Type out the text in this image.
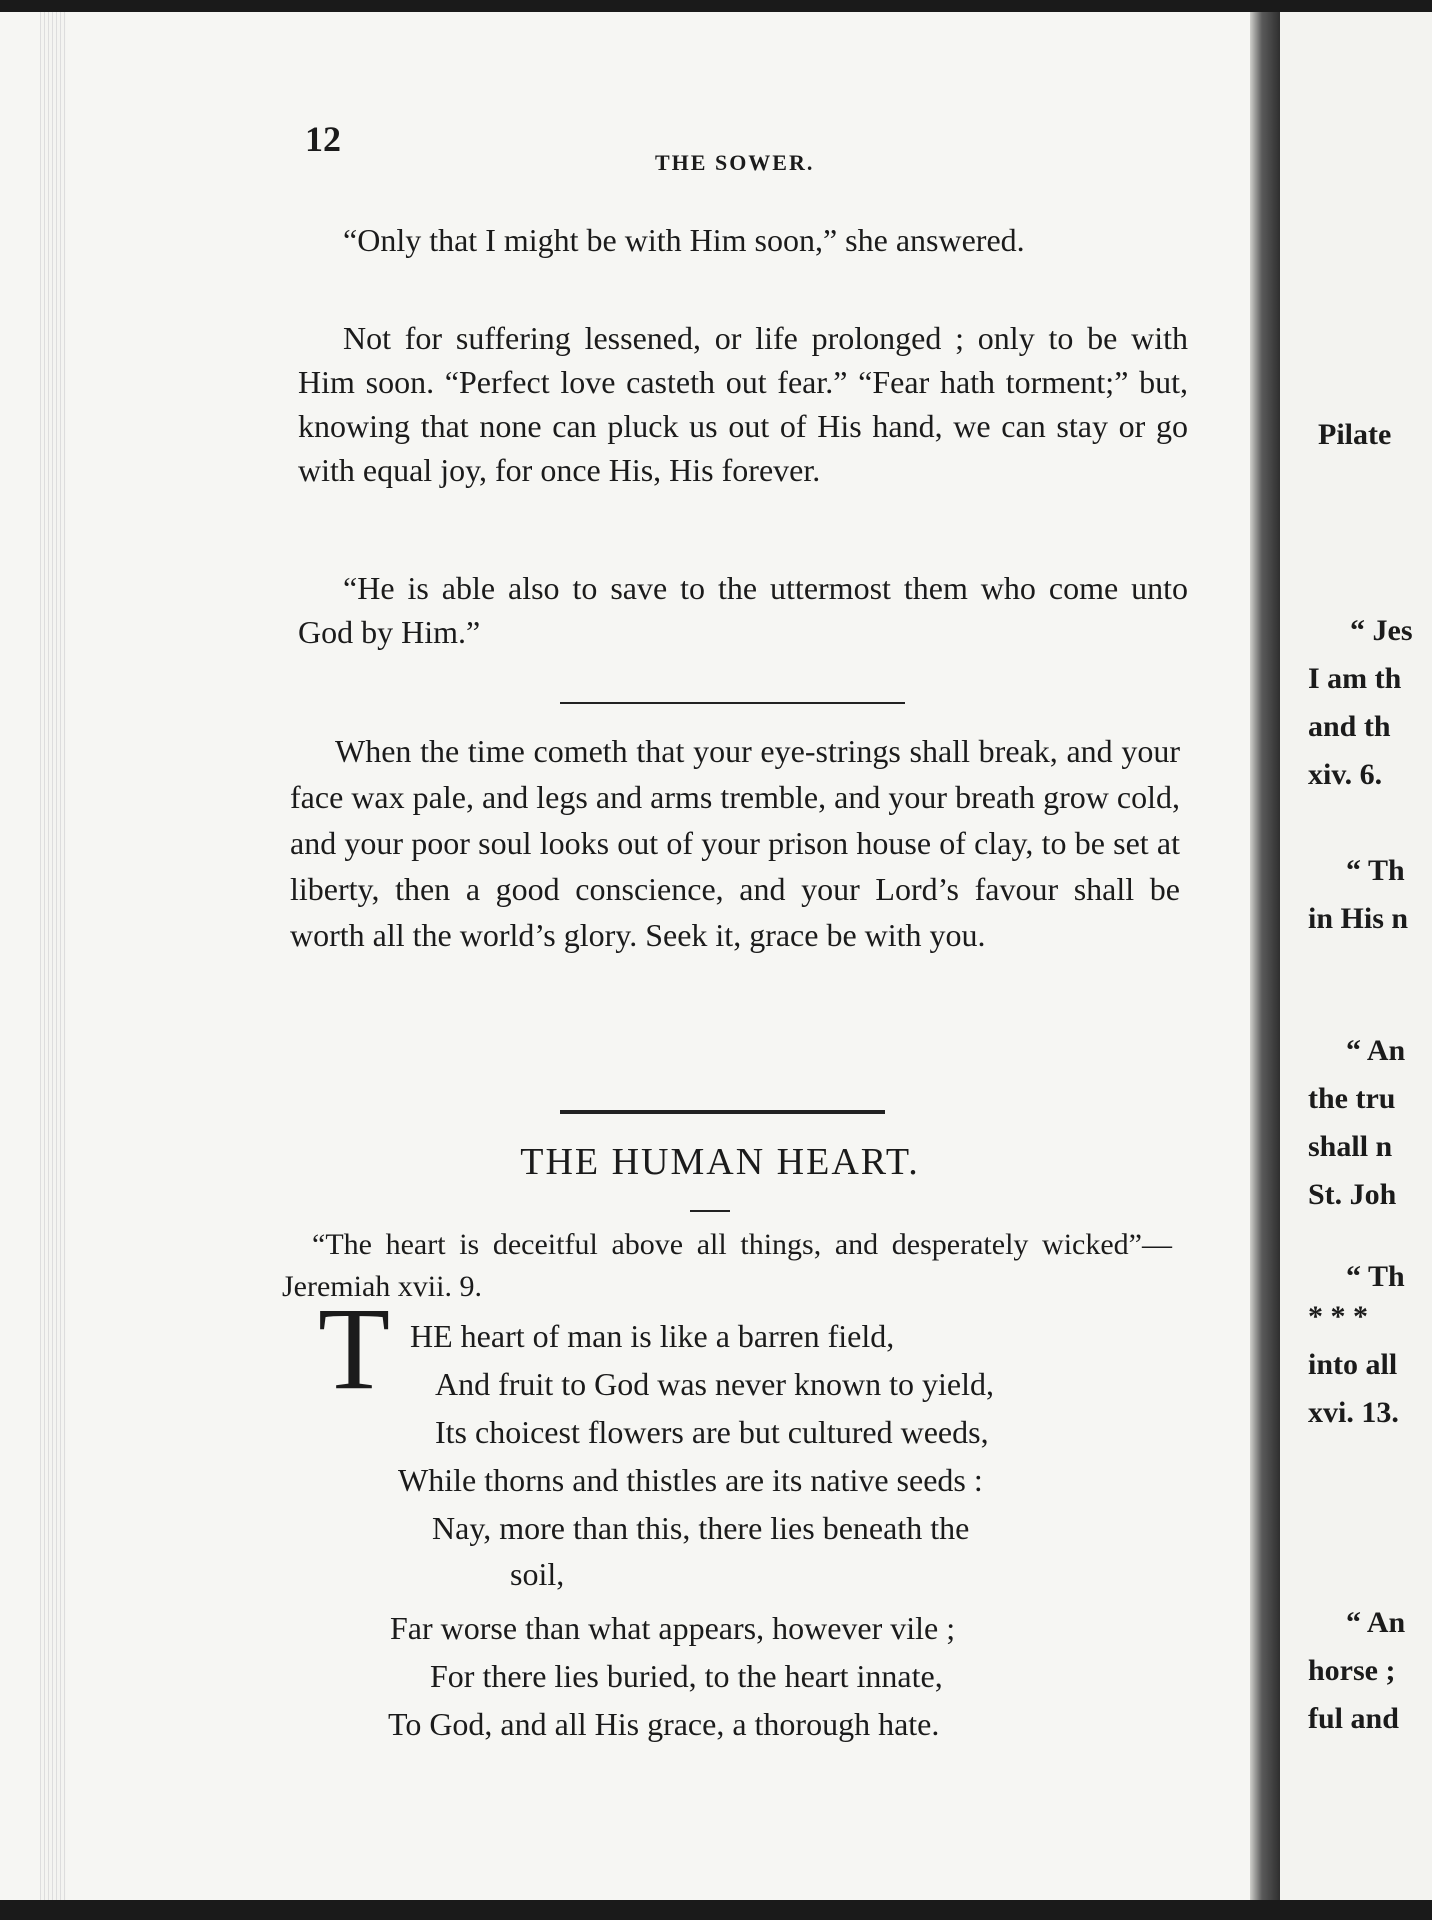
12
THE SOWER.

“Only that I might be with Him soon,” she answered.

Not for suffering lessened, or life prolonged ; only to be with Him soon. “Perfect love casteth out fear.” “Fear hath torment;” but, knowing that none can pluck us out of His hand, we can stay or go with equal joy, for once His, His forever.

“He is able also to save to the uttermost them who come unto God by Him.”

When the time cometh that your eye-strings shall break, and your face wax pale, and legs and arms tremble, and your breath grow cold, and your poor soul looks out of your prison house of clay, to be set at liberty, then a good conscience, and your Lord’s favour shall be worth all the world’s glory. Seek it, grace be with you.

THE HUMAN HEART.
“The heart is deceitful above all things, and desperately wicked”—Jeremiah xvii. 9.
T HE heart of man is like a barren field,
And fruit to God was never known to yield,
Its choicest flowers are but cultured weeds,
While thorns and thistles are its native seeds :
Nay, more than this, there lies beneath the
soil,
Far worse than what appears, however vile ;
For there lies buried, to the heart innate,
To God, and all His grace, a thorough hate.
Pilate
“ Jes
I am th
and th
xiv. 6.
“ Th
in His n
“ An
the tru
shall n
St. Joh
“ Th
* * *
into all
xvi. 13.
“ An
horse ;
ful and
